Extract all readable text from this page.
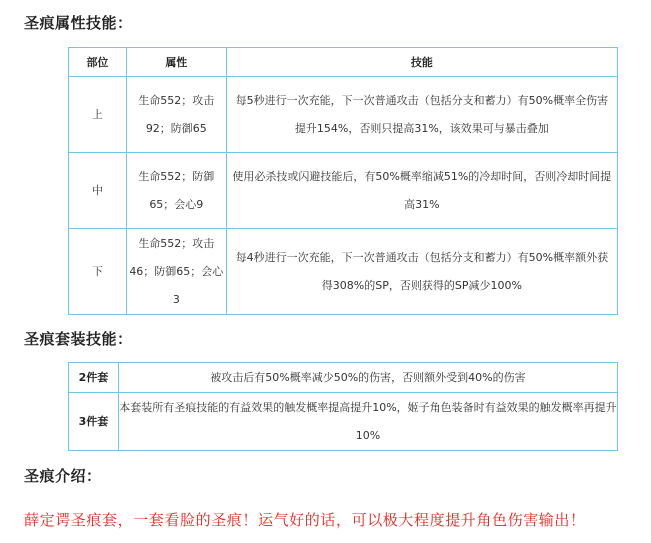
圣痕属性技能：
部位	属性	技能
上	生命552；攻击92；防御65	每5秒进行一次充能，下一次普通攻击（包括分支和蓄力）有50%概率全伤害提升154%，否则只提高31%，该效果可与暴击叠加
中	生命552；防御65；会心9	使用必杀技或闪避技能后，有50%概率缩减51%的冷却时间，否则冷却时间提高31%
下	生命552；攻击46；防御65；会心3	每4秒进行一次充能，下一次普通攻击（包括分支和蓄力）有50%概率额外获得308%的SP，否则获得的SP减少100%
圣痕套装技能：
2件套	被攻击后有50%概率减少50%的伤害，否则额外受到40%的伤害
3件套	本套装所有圣痕技能的有益效果的触发概率提高提升10%，姬子角色装备时有益效果的触发概率再提升10%
圣痕介绍：

薛定谔圣痕套，一套看脸的圣痕！运气好的话，可以极大程度提升角色伤害输出！
